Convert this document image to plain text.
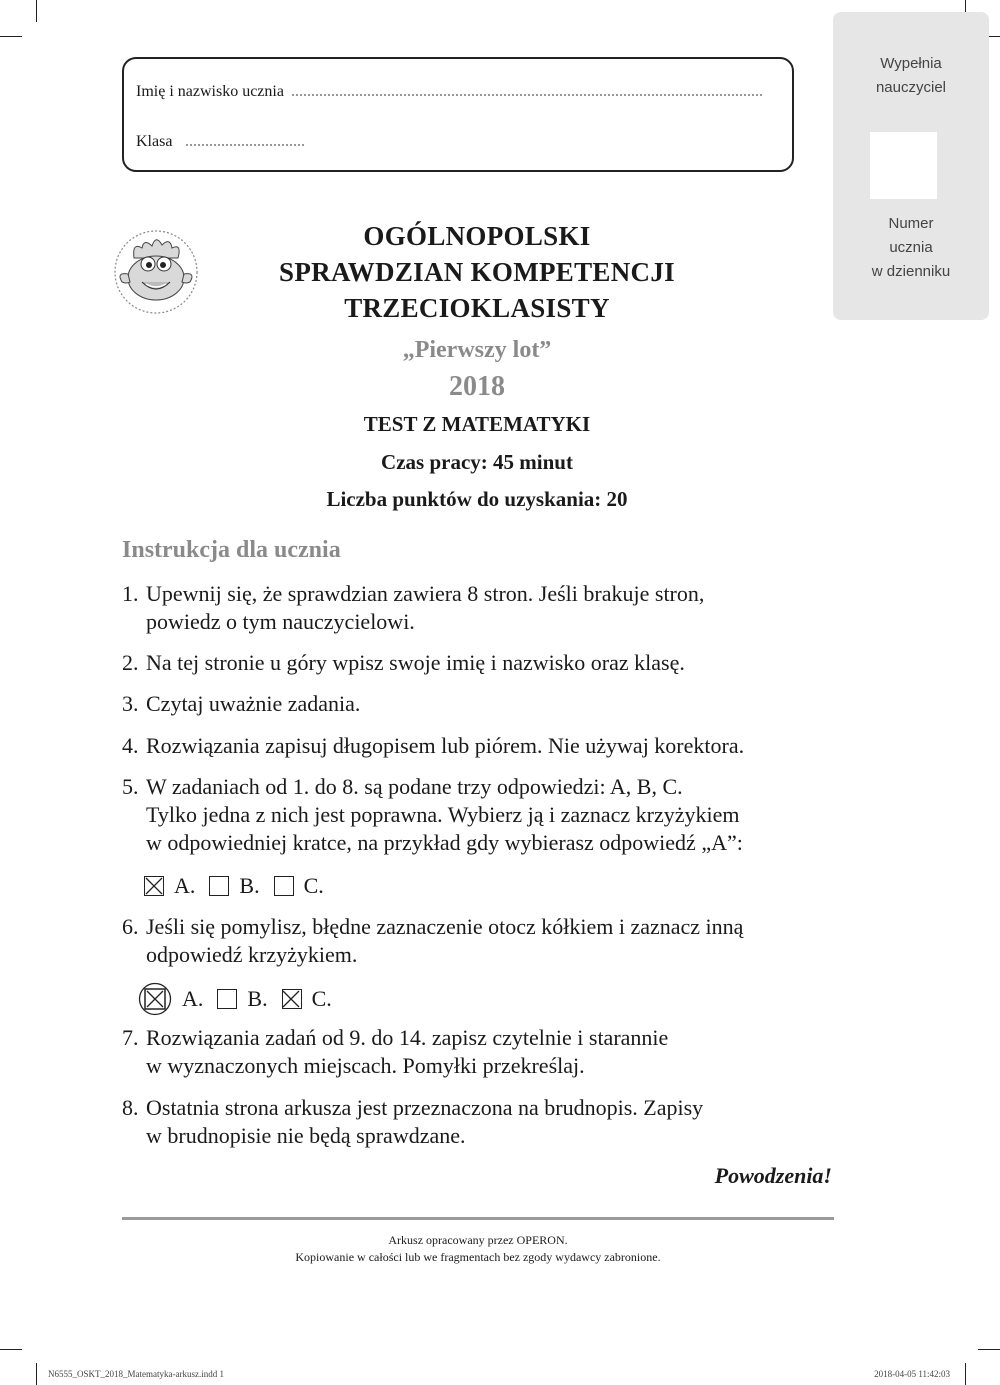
Wypełnia
nauczyciel
Numer
ucznia
w dzienniku
Imię i nazwisko ucznia
Klasa
OGÓLNOPOLSKI
SPRAWDZIAN KOMPETENCJI
TRZECIOKLASISTY
„Pierwszy lot”
2018
TEST Z MATEMATYKI
Czas pracy: 45 minut
Liczba punktów do uzyskania: 20
Instrukcja dla ucznia
1. Upewnij się, że sprawdzian zawiera 8 stron. Jeśli brakuje stron,
powiedz o tym nauczycielowi.
2. Na tej stronie u góry wpisz swoje imię i nazwisko oraz klasę.
3. Czytaj uważnie zadania.
4. Rozwiązania zapisuj długopisem lub piórem. Nie używaj korektora.
5. W zadaniach od 1. do 8. są podane trzy odpowiedzi: A, B, C.
Tylko jedna z nich jest poprawna. Wybierz ją i zaznacz krzyżykiem
w odpowiedniej kratce, na przykład gdy wybierasz odpowiedź „A”:
A. B. C.
6. Jeśli się pomylisz, błędne zaznaczenie otocz kółkiem i zaznacz inną
odpowiedź krzyżykiem.
A. B. C.
7. Rozwiązania zadań od 9. do 14. zapisz czytelnie i starannie
w wyznaczonych miejscach. Pomyłki przekreślaj.
8. Ostatnia strona arkusza jest przeznaczona na brudnopis. Zapisy
w brudnopisie nie będą sprawdzane.
Powodzenia!
Arkusz opracowany przez OPERON.
Kopiowanie w całości lub we fragmentach bez zgody wydawcy zabronione.
N6555_OSKT_2018_Matematyka-arkusz.indd 1	2018-04-05 11:42:03
